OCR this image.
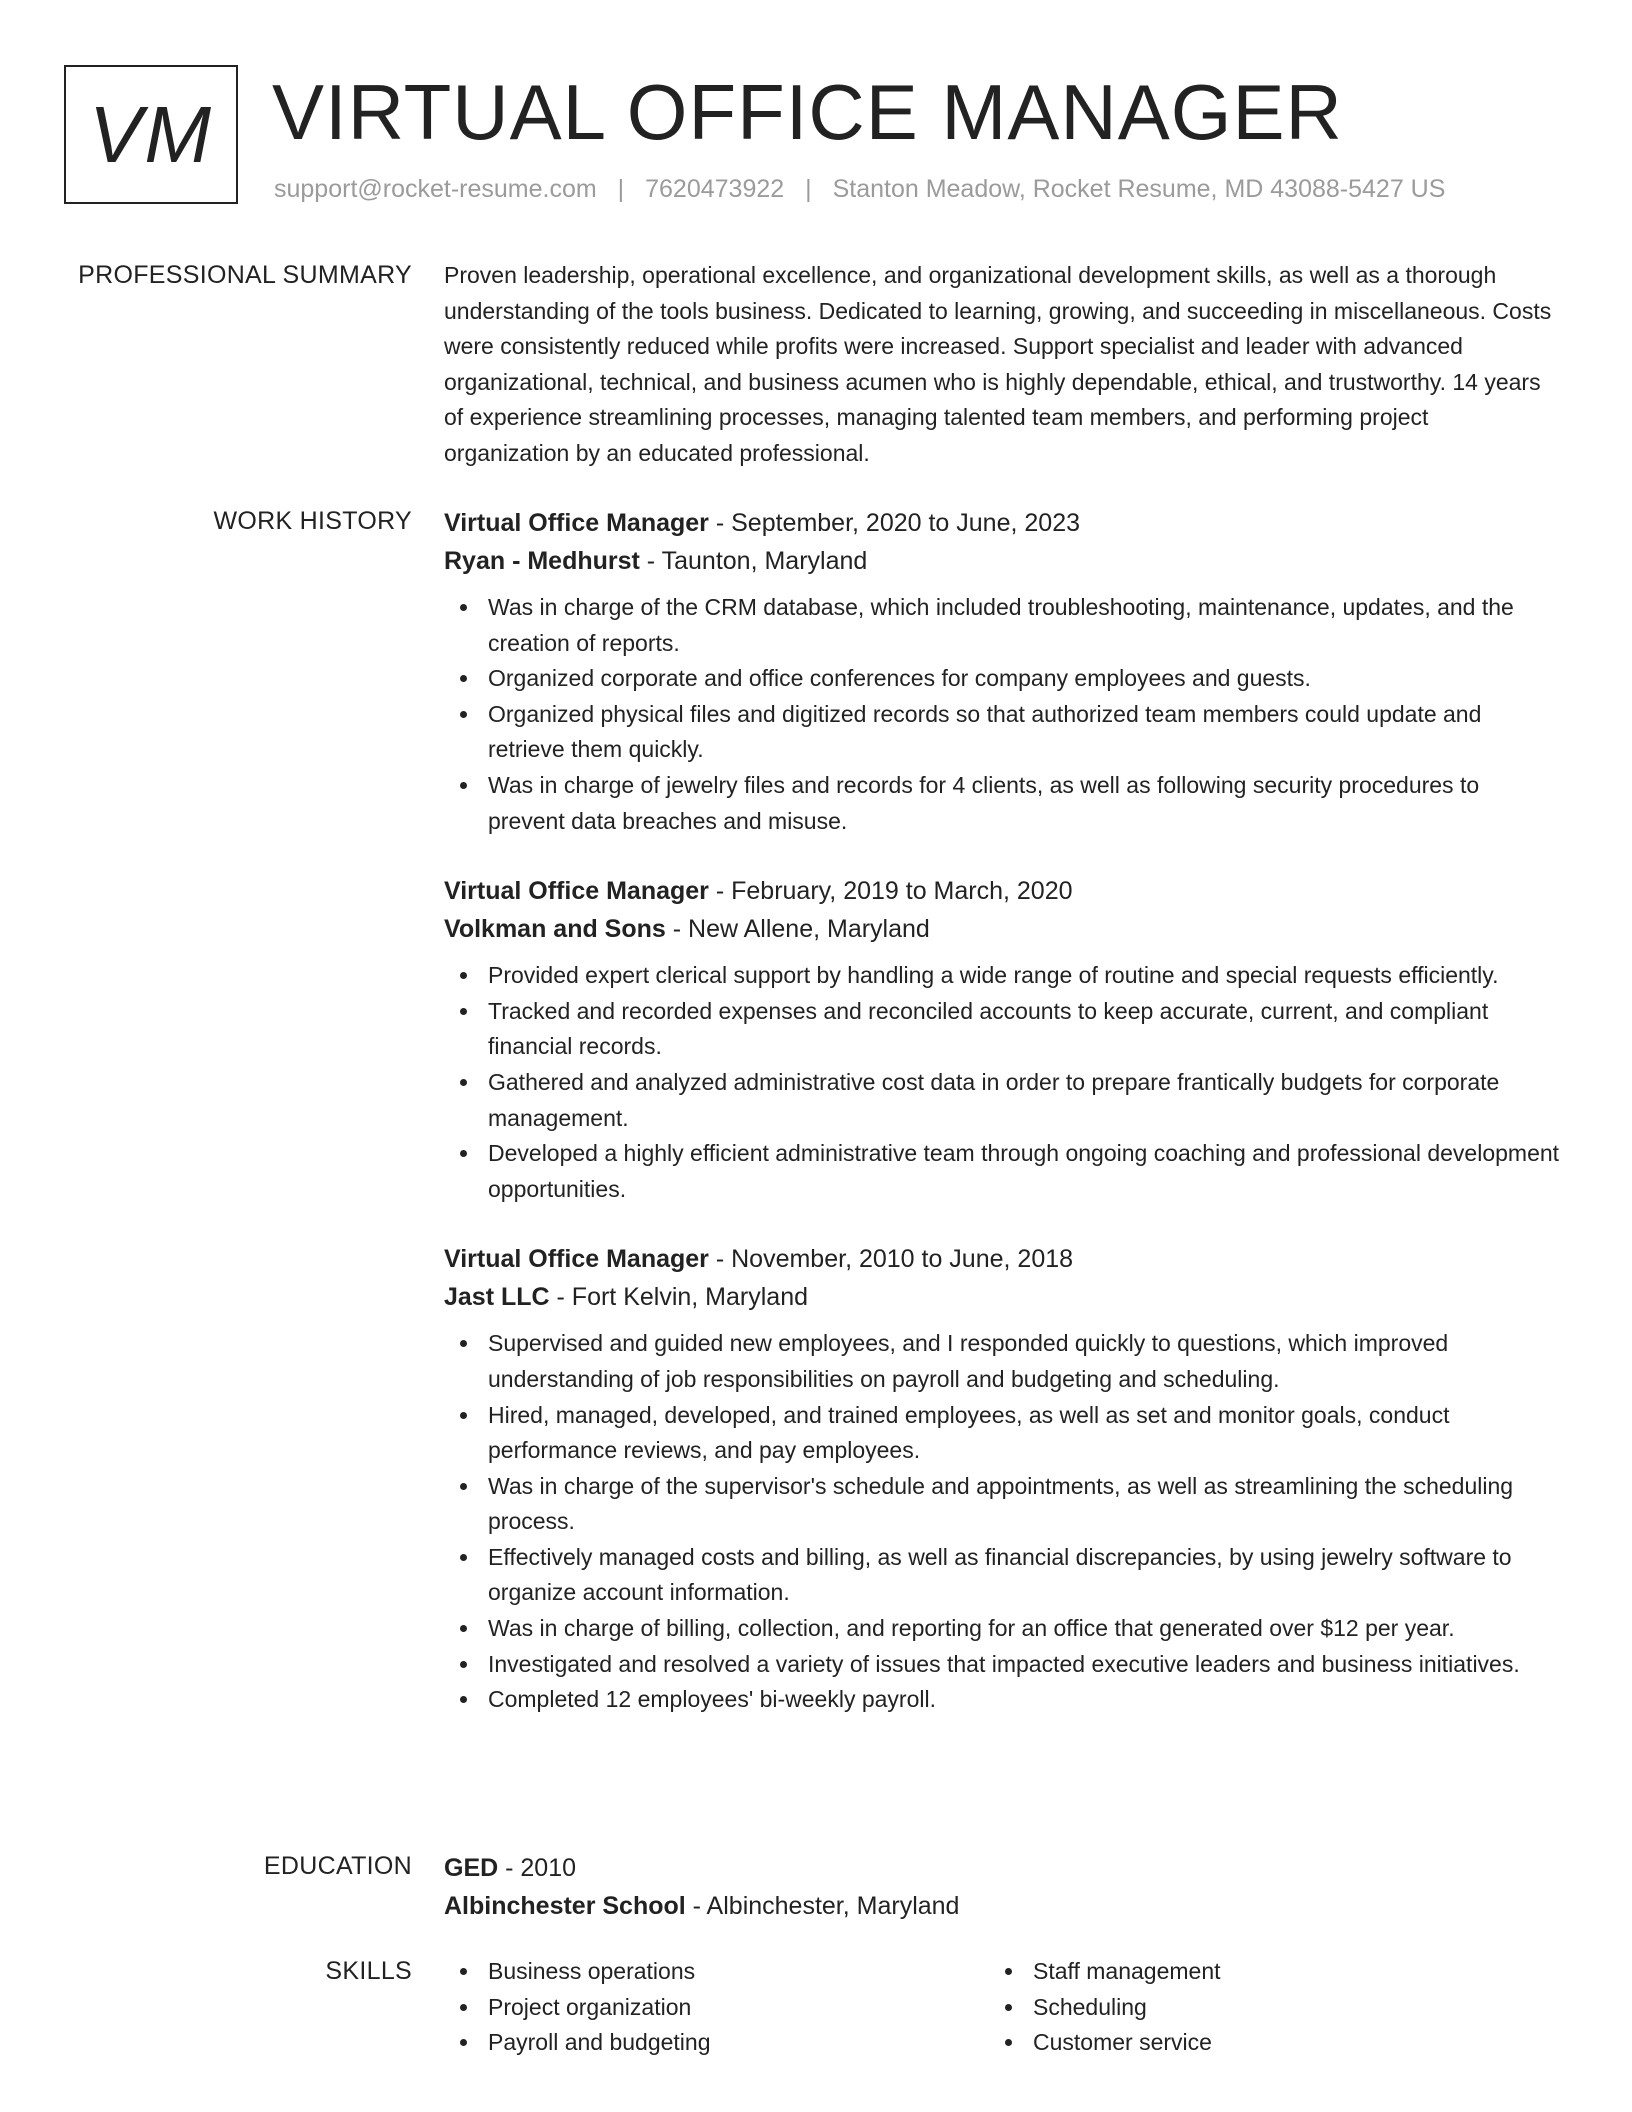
VM VIRTUAL OFFICE MANAGER
support@rocket-resume.com | 7620473922 | Stanton Meadow, Rocket Resume, MD 43088-5427 US
PROFESSIONAL SUMMARY Proven leadership, operational excellence, and organizational development skills, as well as a thorough understanding of the tools business. Dedicated to learning, growing, and succeeding in miscellaneous. Costs were consistently reduced while profits were increased. Support specialist and leader with advanced organizational, technical, and business acumen who is highly dependable, ethical, and trustworthy. 14 years of experience streamlining processes, managing talented team members, and performing project organization by an educated professional.

WORK HISTORY Virtual Office Manager - September, 2020 to June, 2023
Ryan - Medhurst - Taunton, Maryland
Was in charge of the CRM database, which included troubleshooting, maintenance, updates, and the creation of reports.
Organized corporate and office conferences for company employees and guests.
Organized physical files and digitized records so that authorized team members could update and retrieve them quickly.
Was in charge of jewelry files and records for 4 clients, as well as following security procedures to prevent data breaches and misuse.
Virtual Office Manager - February, 2019 to March, 2020
Volkman and Sons - New Allene, Maryland
Provided expert clerical support by handling a wide range of routine and special requests efficiently.
Tracked and recorded expenses and reconciled accounts to keep accurate, current, and compliant financial records.
Gathered and analyzed administrative cost data in order to prepare frantically budgets for corporate management.
Developed a highly efficient administrative team through ongoing coaching and professional development opportunities.
Virtual Office Manager - November, 2010 to June, 2018
Jast LLC - Fort Kelvin, Maryland
Supervised and guided new employees, and I responded quickly to questions, which improved understanding of job responsibilities on payroll and budgeting and scheduling.
Hired, managed, developed, and trained employees, as well as set and monitor goals, conduct performance reviews, and pay employees.
Was in charge of the supervisor's schedule and appointments, as well as streamlining the scheduling process.
Effectively managed costs and billing, as well as financial discrepancies, by using jewelry software to organize account information.
Was in charge of billing, collection, and reporting for an office that generated over $12 per year.
Investigated and resolved a variety of issues that impacted executive leaders and business initiatives.
Completed 12 employees' bi-weekly payroll.
EDUCATION GED - 2010
Albinchester School - Albinchester, Maryland
SKILLS	Business operations
Project organization
Payroll and budgeting
Staff management
Scheduling
Customer service
